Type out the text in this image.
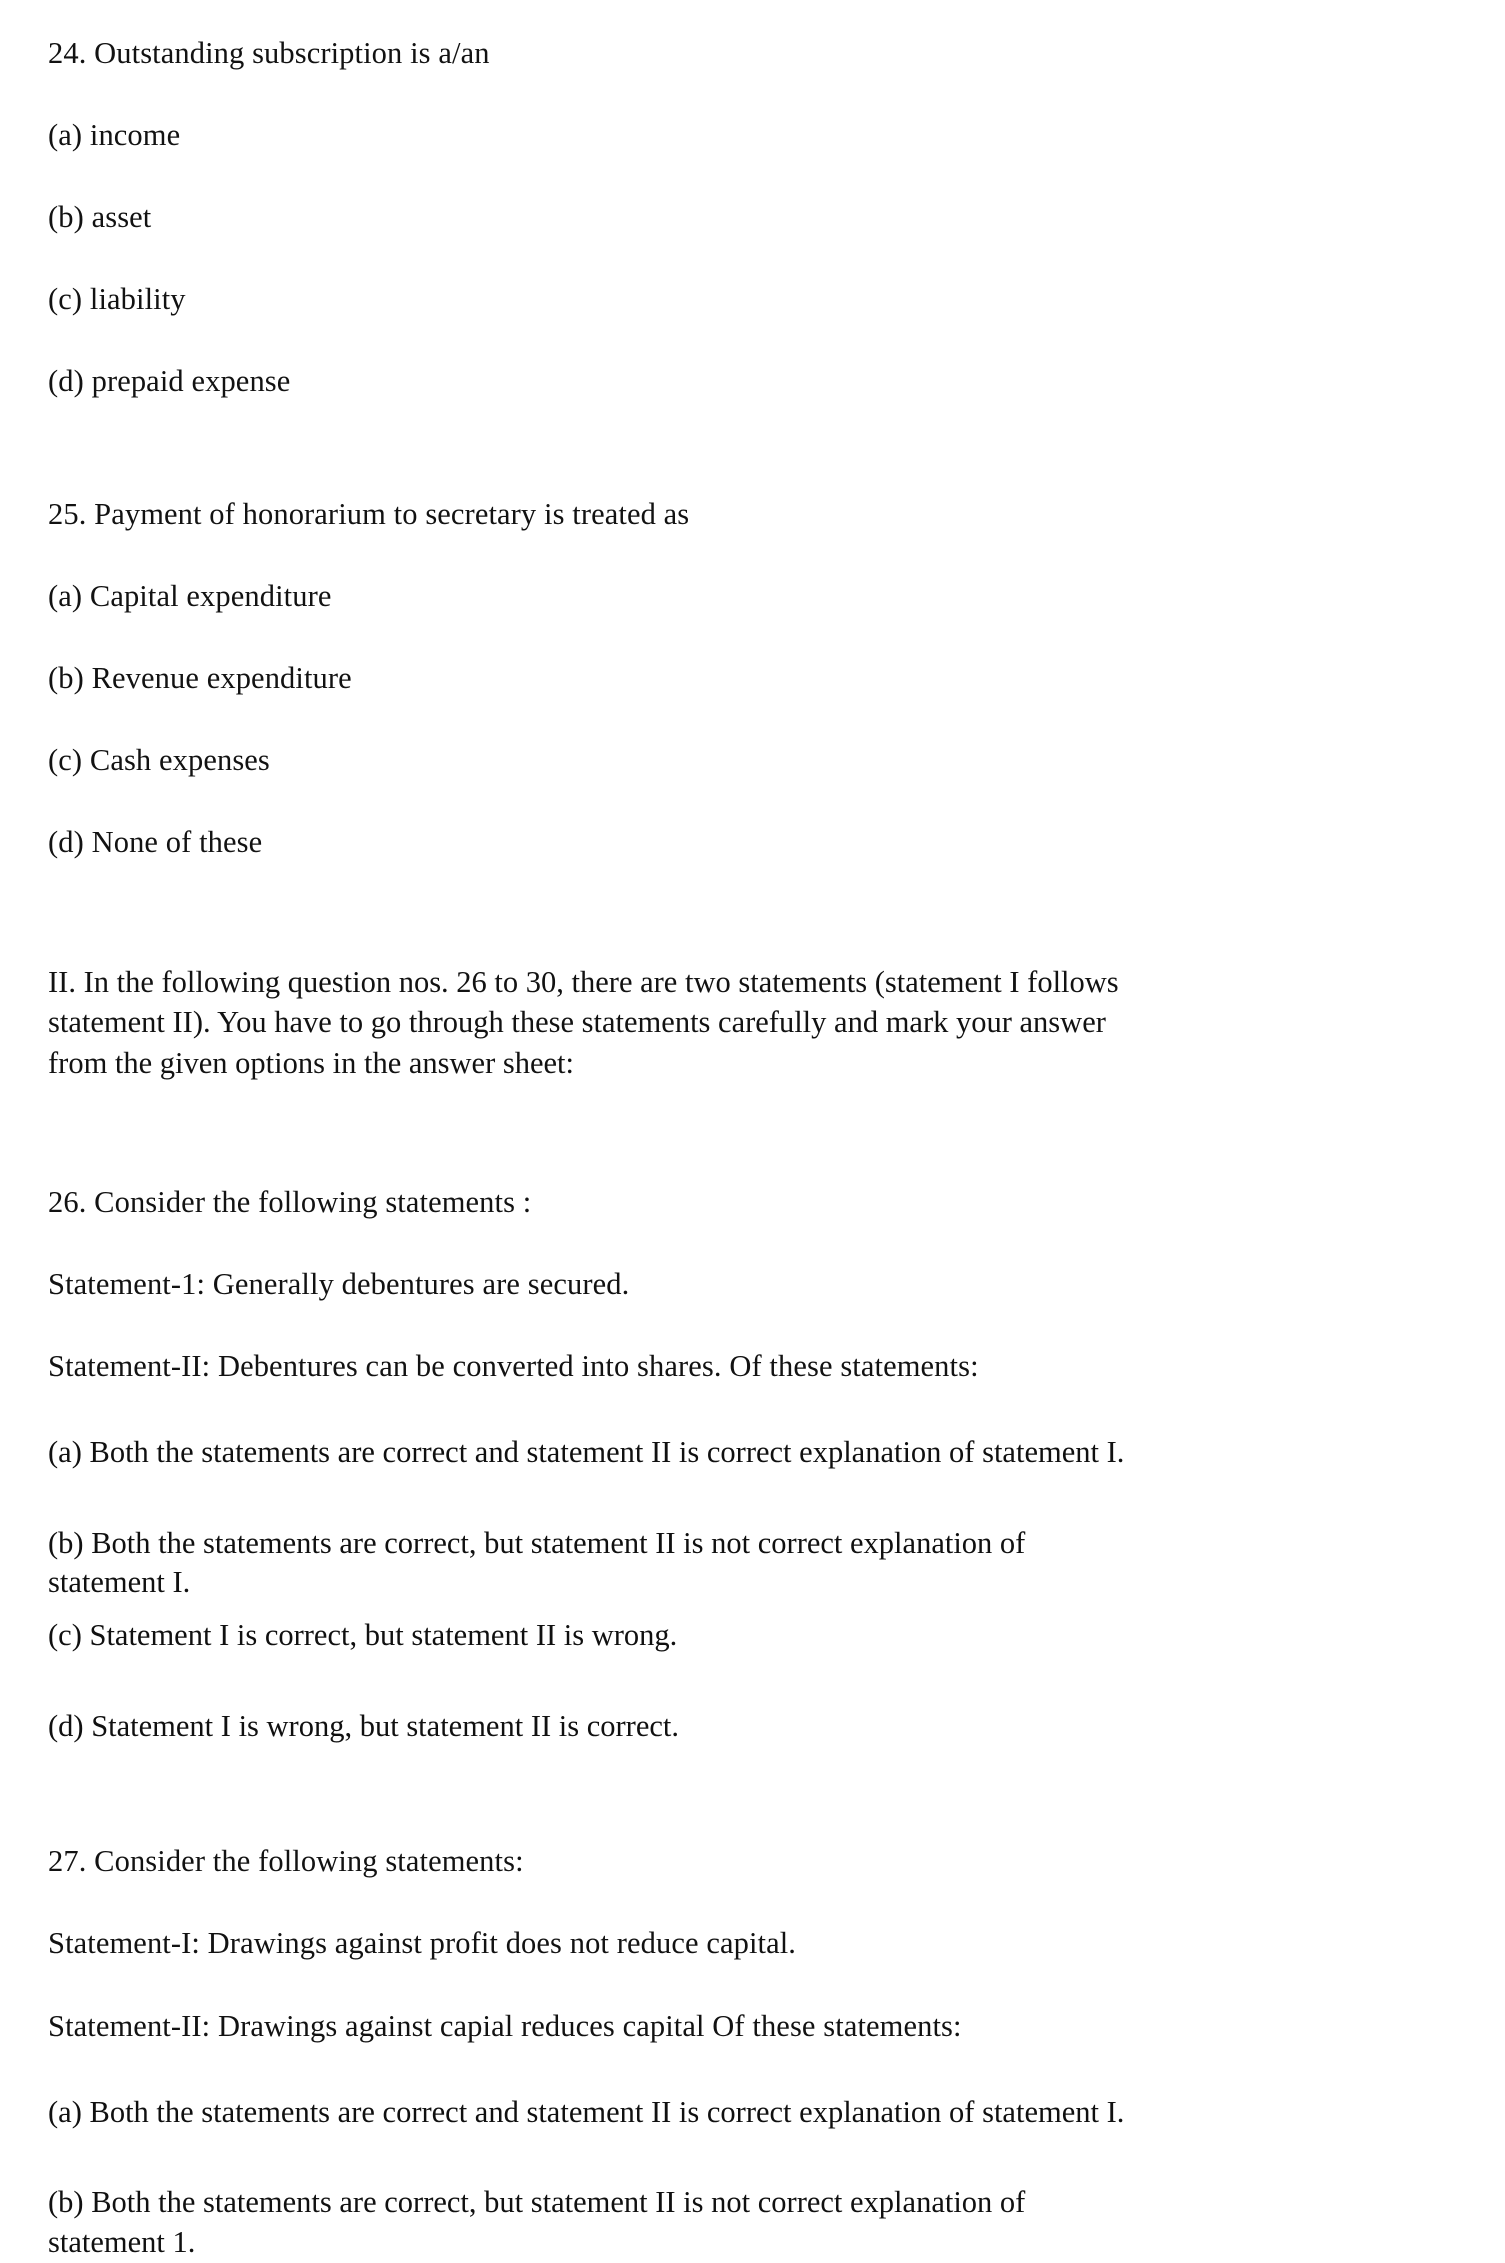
24. Outstanding subscription is a/an

(a) income

(b) asset

(c) liability

(d) prepaid expense

25. Payment of honorarium to secretary is treated as

(a) Capital expenditure

(b) Revenue expenditure

(c) Cash expenses

(d) None of these

II. In the following question nos. 26 to 30, there are two statements (statement I follows

statement II). You have to go through these statements carefully and mark your answer

from the given options in the answer sheet:

26. Consider the following statements :

Statement-1: Generally debentures are secured.

Statement-II: Debentures can be converted into shares. Of these statements:

(a) Both the statements are correct and statement II is correct explanation of statement I.
(b) Both the statements are correct, but statement II is not correct explanation of
statement I.
(c) Statement I is correct, but statement II is wrong.
(d) Statement I is wrong, but statement II is correct.

27. Consider the following statements:

Statement-I: Drawings against profit does not reduce capital.

Statement-II: Drawings against capial reduces capital Of these statements:

(a) Both the statements are correct and statement II is correct explanation of statement I.
(b) Both the statements are correct, but statement II is not correct explanation of
statement 1.
